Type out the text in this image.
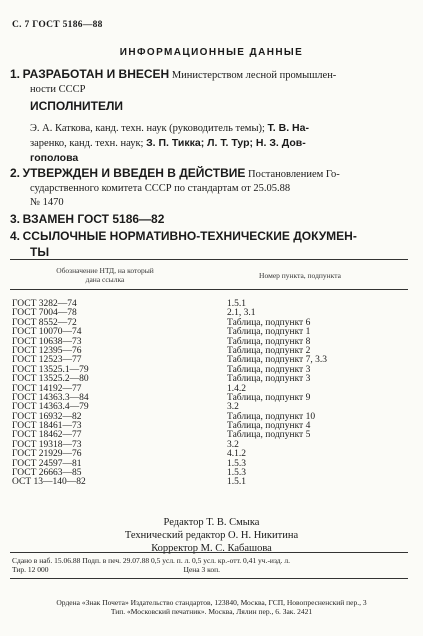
С. 7 ГОСТ 5186—88
ИНФОРМАЦИОННЫЕ ДАННЫЕ
1. РАЗРАБОТАН И ВНЕСЕН Министерством лесной промышлен-
ности СССР
ИСПОЛНИТЕЛИ
Э. А. Каткова, канд. техн. наук (руководитель темы); Т. В. На-
заренко, канд. техн. наук; З. П. Тикка; Л. Т. Тур; Н. З. Дов-
гополова
2. УТВЕРЖДЕН И ВВЕДЕН В ДЕЙСТВИЕ Постановлением Го-
сударственного комитета СССР по стандартам от 25.05.88
№ 1470
3. ВЗАМЕН ГОСТ 5186—82
4. ССЫЛОЧНЫЕ НОРМАТИВНО-ТЕХНИЧЕСКИЕ ДОКУМЕН-
ТЫ
Обозначение НТД, на который
дана ссылка	Номер пункта, подпункта
ГОСТ 3282—74	1.5.1
ГОСТ 7004—78	2.1, 3.1
ГОСТ 8552—72	Таблица, подпункт 6
ГОСТ 10070—74	Таблица, подпункт 1
ГОСТ 10638—73	Таблица, подпункт 8
ГОСТ 12395—76	Таблица, подпункт 2
ГОСТ 12523—77	Таблица, подпункт 7, 3.3
ГОСТ 13525.1—79	Таблица, подпункт 3
ГОСТ 13525.2—80	Таблица, подпункт 3
ГОСТ 14192—77	1.4.2
ГОСТ 14363.3—84	Таблица, подпункт 9
ГОСТ 14363.4—79	3.2
ГОСТ 16932—82	Таблица, подпункт 10
ГОСТ 18461—73	Таблица, подпункт 4
ГОСТ 18462—77	Таблица, подпункт 5
ГОСТ 19318—73	3.2
ГОСТ 21929—76	4.1.2
ГОСТ 24597—81	1.5.3
ГОСТ 26663—85	1.5.3
ОСТ 13—140—82	1.5.1
Редактор Т. В. Смыка
Технический редактор О. Н. Никитина
Корректор М. С. Кабашова
Сдано в наб. 15.06.88 Подп. в печ. 29.07.88 0,5 усл. п. л. 0,5 усл. кр.-отт. 0,41 уч.-изд. л.
Тир. 12 000                                                                        Цена 3 коп.
Ордена «Знак Почета» Издательство стандартов, 123840, Москва, ГСП, Новопресненский пер., 3
Тип. «Московский печатник». Москва, Лялин пер., 6. Зак. 2421
